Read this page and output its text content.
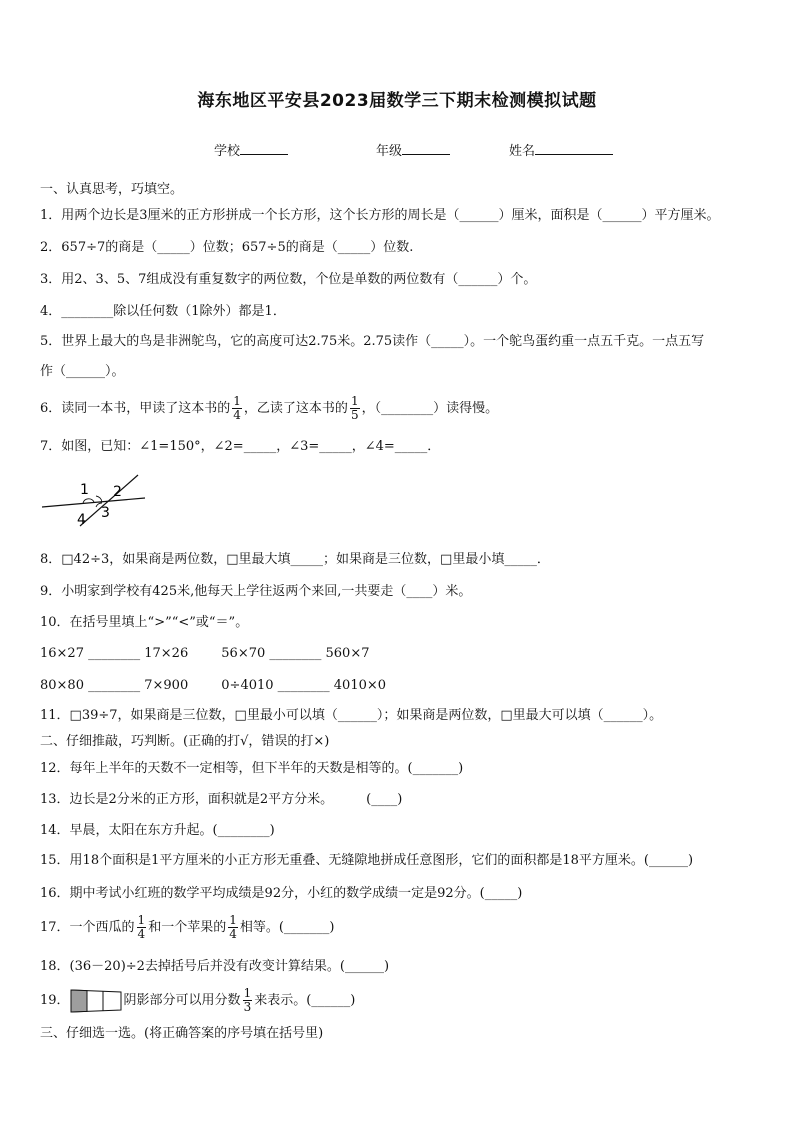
海东地区平安县2023届数学三下期末检测模拟试题
学校	年级	姓名
一、认真思考，巧填空。
1．用两个边长是3厘米的正方形拼成一个长方形，这个长方形的周长是（______）厘米，面积是（______）平方厘米。
2．657÷7的商是（_____）位数；657÷5的商是（_____）位数.
3．用2、3、5、7组成没有重复数字的两位数，个位是单数的两位数有（______）个。
4．________除以任何数（1除外）都是1．
5．世界上最大的鸟是非洲鸵鸟，它的高度可达2.75米。2.75读作（_____）。一个鸵鸟蛋约重一点五千克。一点五写
作（______）。
6．读同一本书，甲读了这本书的 $\frac{1}{4}$ ，乙读了这本书的 $\frac{1}{5}$ ，（________）读得慢。
7．如图，已知：∠1=150°，∠2=_____，∠3=_____，∠4=_____．
1 2
3
4
8．□42÷3，如果商是两位数，□里最大填_____；如果商是三位数，□里最小填_____．
9．小明家到学校有425米,他每天上学往返两个来回,一共要走（____）米。
10．在括号里填上“>”“<”或“＝”。
16×27 ________ 17×26        56×70 ________ 560×7
80×80 ________ 7×900        0÷4010 ________ 4010×0
11．□39÷7，如果商是三位数，□里最小可以填（______）；如果商是两位数，□里最大可以填（______）。
二、仔细推敲，巧判断。(正确的打√，错误的打×)
12．每年上半年的天数不一定相等，但下半年的天数是相等的。(_______)
13．边长是2分米的正方形，面积就是2平方分米。        (____)
14．早晨，太阳在东方升起。(________)
15．用18个面积是1平方厘米的小正方形无重叠、无缝隙地拼成任意图形，它们的面积都是18平方厘米。(______)
16．期中考试小红班的数学平均成绩是92分，小红的数学成绩一定是92分。(_____)
17．一个西瓜的 $\frac{1}{4}$ 和一个苹果的 $\frac{1}{4}$ 相等。(_______)
18．(36－20)÷2去掉括号后并没有改变计算结果。(______)
19．	阴影部分可以用分数 $\frac{1}{3}$ 来表示。(______)
三、仔细选一选。(将正确答案的序号填在括号里)
